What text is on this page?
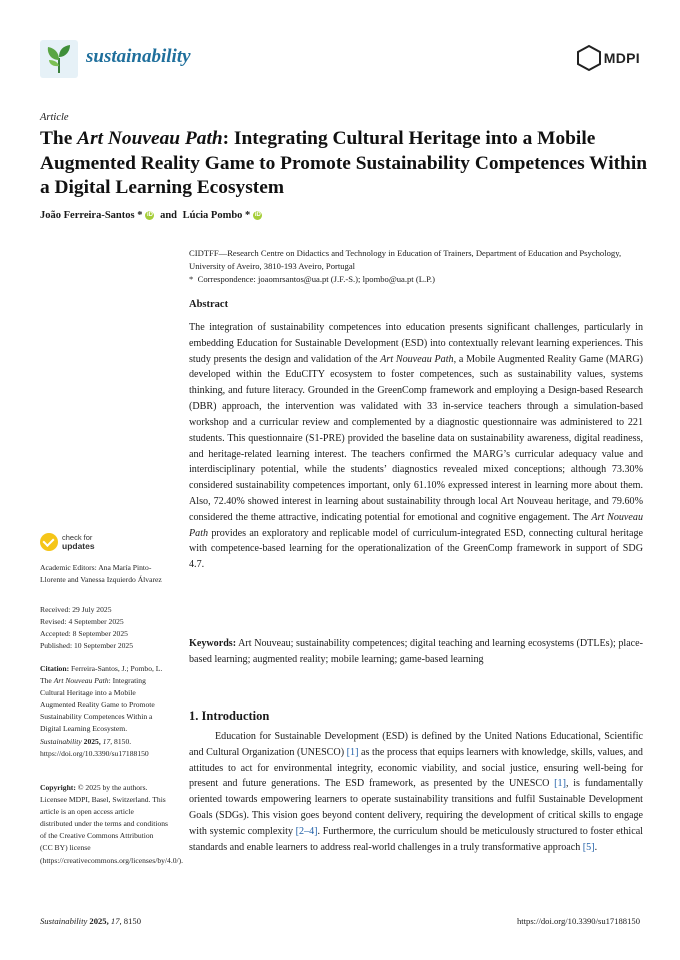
sustainability	MDPI
Article
The Art Nouveau Path: Integrating Cultural Heritage into a Mobile Augmented Reality Game to Promote Sustainability Competences Within a Digital Learning Ecosystem
João Ferreira-Santos * iD and Lúcia Pombo * iD
CIDTFF—Research Centre on Didactics and Technology in Education of Trainers, Department of Education and Psychology, University of Aveiro, 3810-193 Aveiro, Portugal
*  Correspondence: joaomrsantos@ua.pt (J.F.-S.); lpombo@ua.pt (L.P.)
Abstract

The integration of sustainability competences into education presents significant challenges, particularly in embedding Education for Sustainable Development (ESD) into contextually relevant learning experiences. This study presents the design and validation of the Art Nouveau Path, a Mobile Augmented Reality Game (MARG) developed within the EduCITY ecosystem to foster competences, such as sustainability values, systems thinking, and future literacy. Grounded in the GreenComp framework and employing a Design-based Research (DBR) approach, the intervention was validated with 33 in-service teachers through a simulation-based workshop and a curricular review and complemented by a diagnostic questionnaire was administered to 221 students. This questionnaire (S1-PRE) provided the baseline data on sustainability awareness, digital readiness, and heritage-related learning interest. The teachers confirmed the MARG’s curricular adequacy value and interdisciplinary potential, while the students’ diagnostics revealed mixed conceptions; although 73.30% considered sustainability competences important, only 61.10% expressed interest in learning more about them. Also, 72.40% showed interest in learning about sustainability through local Art Nouveau heritage, and 79.60% considered the theme attractive, indicating potential for emotional and cognitive engagement. The Art Nouveau Path provides an exploratory and replicable model of curriculum-integrated ESD, connecting cultural heritage with competence-based learning for the operationalization of the GreenComp framework in support of SDG 4.7.

Keywords: Art Nouveau; sustainability competences; digital teaching and learning ecosystems (DTLEs); place-based learning; augmented reality; mobile learning; game-based learning

1. Introduction

Education for Sustainable Development (ESD) is defined by the United Nations Educational, Scientific and Cultural Organization (UNESCO) [1] as the process that equips learners with knowledge, skills, values, and attitudes to act for environmental integrity, economic viability, and social justice, ensuring well-being for present and future generations. The ESD framework, as presented by the UNESCO [1], is fundamentally oriented towards empowering learners to operate sustainability transitions and fulfil Sustainable Development Goals (SDGs). This vision goes beyond content delivery, requiring the development of critical skills to engage with systemic complexity [2–4]. Furthermore, the curriculum should be meticulously structured to foster ethical standards and enable learners to address real-world challenges in a truly transformative approach [5].

check for
updates
Academic Editors: Ana María Pinto-Llorente and Vanessa Izquierdo Álvarez
Received: 29 July 2025
Revised: 4 September 2025
Accepted: 8 September 2025
Published: 10 September 2025
Citation: Ferreira-Santos, J.; Pombo, L. The Art Nouveau Path: Integrating Cultural Heritage into a Mobile Augmented Reality Game to Promote Sustainability Competences Within a Digital Learning Ecosystem. Sustainability 2025, 17, 8150. https://doi.org/10.3390/su17188150
Copyright: © 2025 by the authors. Licensee MDPI, Basel, Switzerland. This article is an open access article distributed under the terms and conditions of the Creative Commons Attribution (CC BY) license (https://creativecommons.org/licenses/by/4.0/).
Sustainability 2025, 17, 8150	https://doi.org/10.3390/su17188150
